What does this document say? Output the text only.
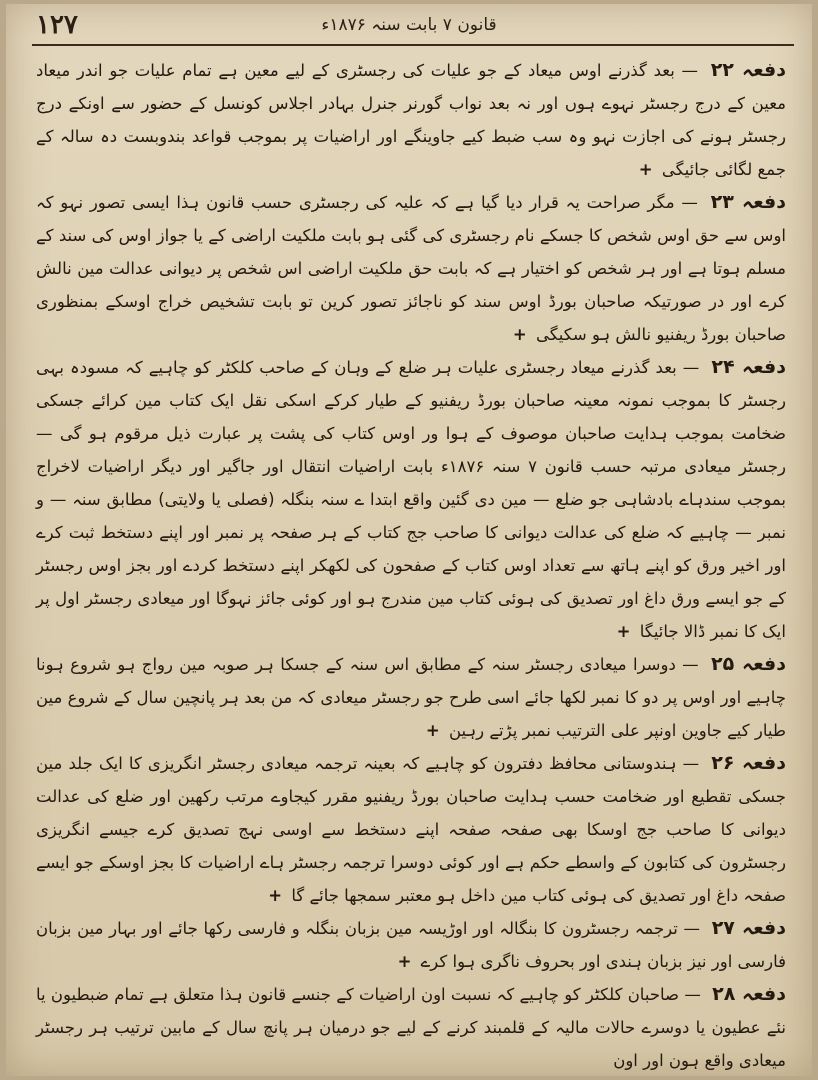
۱۲۷	قانون ۷ بابت سنہ ۱۸۷۶ء

دفعہ ۲۲ — بعد گذرنے اوس میعاد کے جو علیات کی رجسٹری کے لیے معین ہے تمام علیات جو اندر میعاد معین کے درج رجسٹر نہوے ہوں اور نہ بعد نواب گورنر جنرل بہادر اجلاس کونسل کے حضور سے اونکے درج رجسٹر ہونے کی اجازت نہو وہ سب ضبط کیے جاوینگے اور اراضیات پر بموجب قواعد بندوبست دہ سالہ کے جمع لگائی جائیگی +

دفعہ ۲۳ — مگر صراحت یہ قرار دیا گیا ہے کہ علیہ کی رجسٹری حسب قانون ہذا ایسی تصور نہو کہ اوس سے حق اوس شخص کا جسکے نام رجسٹری کی گئی ہو بابت ملکیت اراضی کے یا جواز اوس کی سند کے مسلم ہوتا ہے اور ہر شخص کو اختیار ہے کہ بابت حق ملکیت اراضی اس شخص پر دیوانی عدالت مین نالش کرے اور در صورتیکہ صاحبان بورڈ اوس سند کو ناجائز تصور کرین تو بابت تشخیص خراج اوسکے بمنظوری صاحبان بورڈ ریفنیو نالش ہو سکیگی +

دفعہ ۲۴ — بعد گذرنے میعاد رجسٹری علیات ہر ضلع کے وہان کے صاحب کلکٹر کو چاہیے کہ مسودہ بہی رجسٹر کا بموجب نمونہ معینہ صاحبان بورڈ ریفنیو کے طیار کرکے اسکی نقل ایک کتاب مین کرائے جسکی ضخامت بموجب ہدایت صاحبان موصوف کے ہوا ور اوس کتاب کی پشت پر عبارت ذیل مرقوم ہو گی — رجسٹر میعادی مرتبہ حسب قانون ۷ سنہ ۱۸۷۶ء بابت اراضیات انتقال اور جاگیر اور دیگر اراضیات لاخراج بموجب سندہاے بادشاہی جو ضلع — مین دی گئین واقع ابتدا ے سنہ بنگلہ (فصلی یا ولایتی) مطابق سنہ — و نمبر — چاہیے کہ ضلع کی عدالت دیوانی کا صاحب جج کتاب کے ہر صفحہ پر نمبر اور اپنے دستخط ثبت کرے اور اخیر ورق کو اپنے ہاتھ سے تعداد اوس کتاب کے صفحون کی لکھکر اپنے دستخط کردے اور بجز اوس رجسٹر کے جو ایسے ورق داغ اور تصدیق کی ہوئی کتاب مین مندرج ہو اور کوئی جائز نہوگا اور میعادی رجسٹر اول پر ایک کا نمبر ڈالا جائیگا +

دفعہ ۲۵ — دوسرا میعادی رجسٹر سنہ کے مطابق اس سنہ کے جسکا ہر صوبہ مین رواج ہو شروع ہونا چاہیے اور اوس پر دو کا نمبر لکھا جائے اسی طرح جو رجسٹر میعادی کہ من بعد ہر پانچین سال کے شروع مین طیار کیے جاوین اونپر علی الترتیب نمبر پڑتے رہین +

دفعہ ۲۶ — ہندوستانی محافظ دفترون کو چاہیے کہ بعینہ ترجمہ میعادی رجسٹر انگریزی کا ایک جلد مین جسکی تقطیع اور ضخامت حسب ہدایت صاحبان بورڈ ریفنیو مقرر کیجاوے مرتب رکھین اور ضلع کی عدالت دیوانی کا صاحب جج اوسکا بھی صفحہ صفحہ اپنے دستخط سے اوسی نہج تصدیق کرے جیسے انگریزی رجسٹرون کی کتابون کے واسطے حکم ہے اور کوئی دوسرا ترجمہ رجسٹر ہاے اراضیات کا بجز اوسکے جو ایسے صفحہ داغ اور تصدیق کی ہوئی کتاب مین داخل ہو معتبر سمجھا جائے گا +

دفعہ ۲۷ — ترجمہ رجسٹرون کا بنگالہ اور اوڑیسہ مین بزبان بنگلہ و فارسی رکھا جائے اور بہار مین بزبان فارسی اور نیز بزبان ہندی اور بحروف ناگری ہوا کرے +

دفعہ ۲۸ — صاحبان کلکٹر کو چاہیے کہ نسبت اون اراضیات کے جنسے قانون ہذا متعلق ہے تمام ضبطیون یا نئے عطیون یا دوسرے حالات مالیہ کے قلمبند کرنے کے لیے جو درمیان ہر پانچ سال کے مابین ترتیب ہر رجسٹر میعادی واقع ہون اور اون
